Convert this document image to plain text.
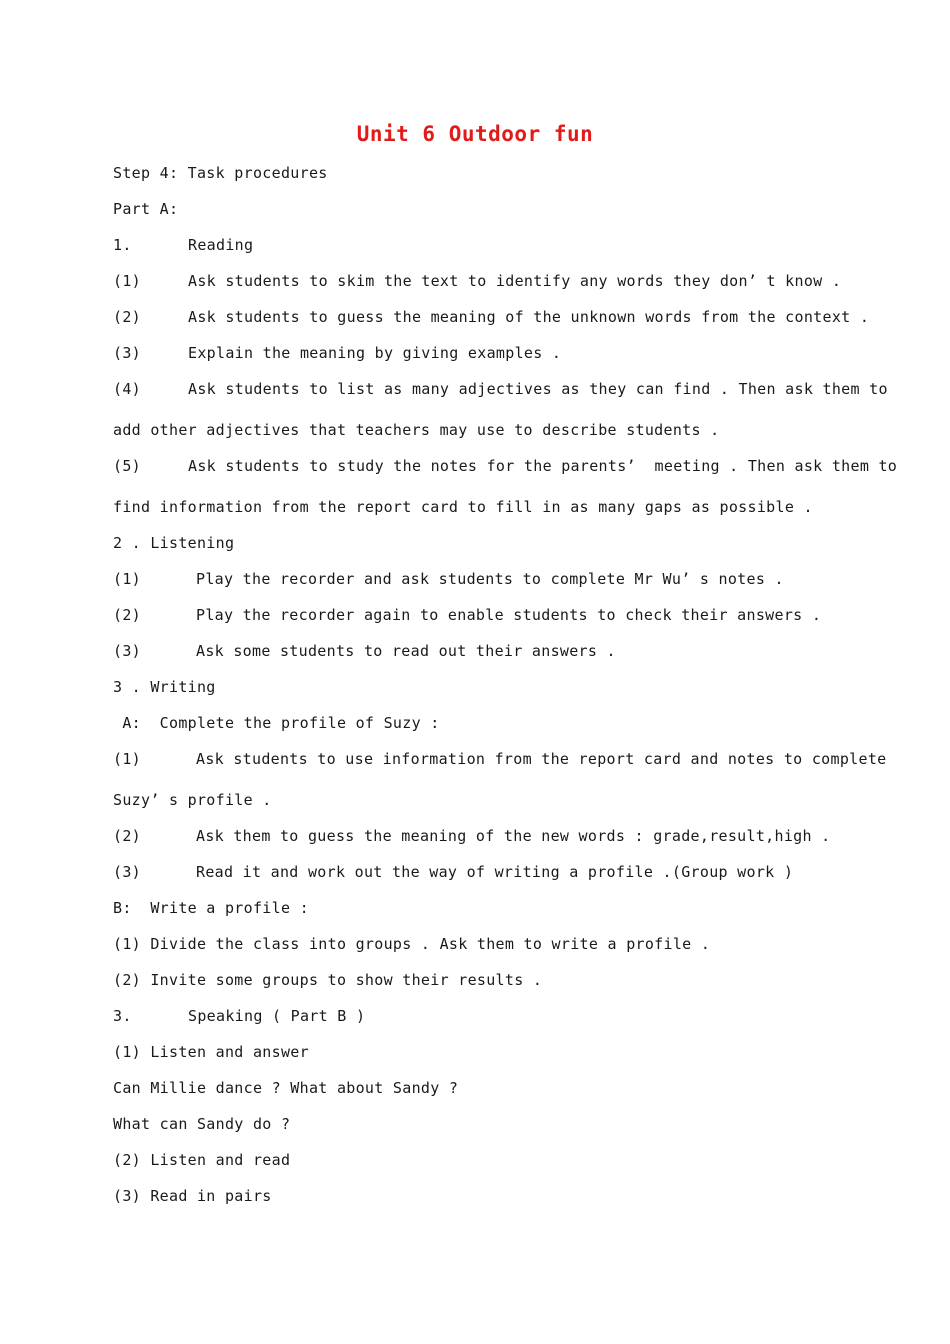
Unit 6 Outdoor fun
Step 4: Task procedures
Part A:
1.	Reading
(1)	Ask students to skim the text to identify any words they don’ t know .
(2)	Ask students to guess the meaning of the unknown words from the context .
(3)	Explain the meaning by giving examples .
(4)	Ask students to list as many adjectives as they can find . Then ask them to
add other adjectives that teachers may use to describe students .
(5)	Ask students to study the notes for the parents’  meeting . Then ask them to
find information from the report card to fill in as many gaps as possible .
2 . Listening
(1)	Play the recorder and ask students to complete Mr Wu’ s notes .
(2)	Play the recorder again to enable students to check their answers .
(3)	Ask some students to read out their answers .
3 . Writing
A:  Complete the profile of Suzy :
(1)	Ask students to use information from the report card and notes to complete
Suzy’ s profile .
(2)	Ask them to guess the meaning of the new words : grade,result,high .
(3)	Read it and work out the way of writing a profile .(Group work )
B:  Write a profile :
(1) Divide the class into groups . Ask them to write a profile .
(2) Invite some groups to show their results .
3.	Speaking ( Part B )
(1) Listen and answer
Can Millie dance ? What about Sandy ?
What can Sandy do ?
(2) Listen and read
(3) Read in pairs
